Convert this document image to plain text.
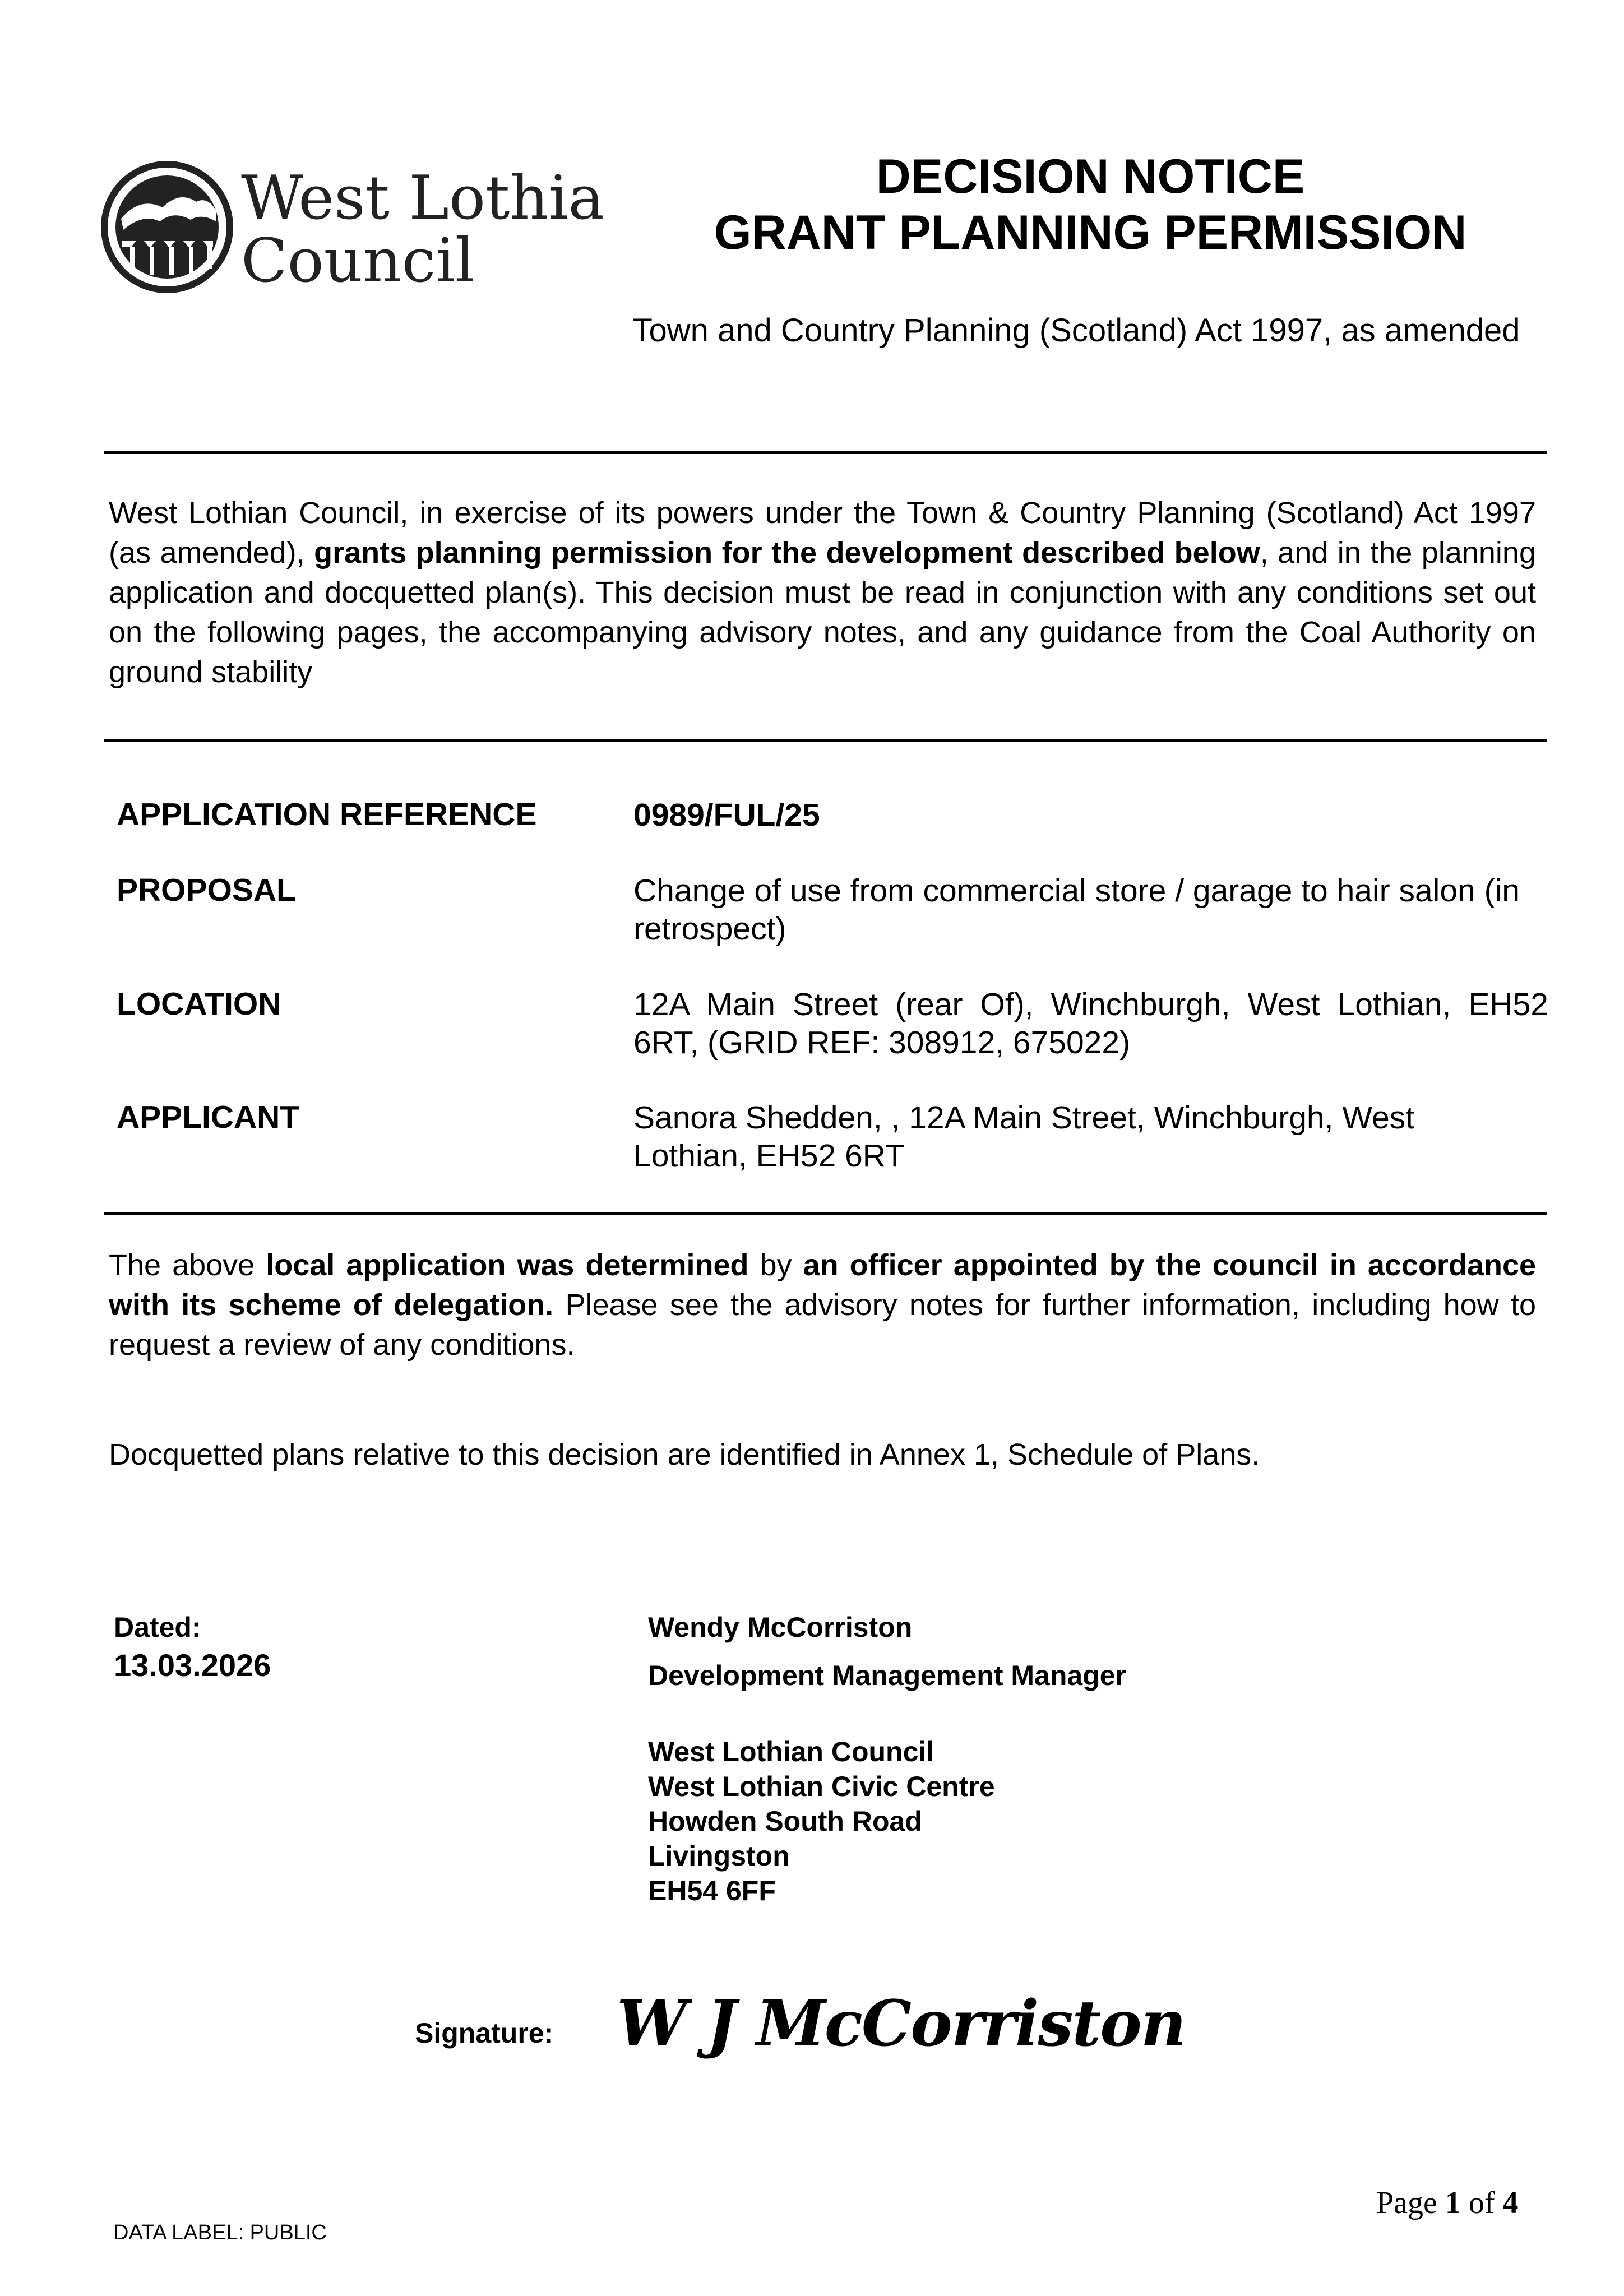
West Lothian
Council
DECISION NOTICE
GRANT PLANNING PERMISSION
Town and Country Planning (Scotland) Act 1997, as amended
West Lothian Council, in exercise of its powers under the Town & Country Planning (Scotland) Act 1997 (as amended), grants planning permission for the development described below, and in the planning application and docquetted plan(s). This decision must be read in conjunction with any conditions set out on the following pages, the accompanying advisory notes, and any guidance from the Coal Authority on ground stability
APPLICATION REFERENCE	0989/FUL/25
PROPOSAL	Change of use from commercial store / garage to hair salon (in
retrospect)
LOCATION	12A Main Street (rear Of), Winchburgh, West Lothian, EH52
6RT, (GRID REF: 308912, 675022)
APPLICANT	Sanora Shedden, , 12A Main Street, Winchburgh, West
Lothian, EH52 6RT
The above local application was determined by an officer appointed by the council in accordance with its scheme of delegation. Please see the advisory notes for further information, including how to request a review of any conditions.
Docquetted plans relative to this decision are identified in Annex 1, Schedule of Plans.
Dated:
13.03.2026
Wendy McCorriston
Development Management Manager
West Lothian Council
West Lothian Civic Centre
Howden South Road
Livingston
EH54 6FF
Signature: W J McCorriston
Page 1 of 4
DATA LABEL: PUBLIC
